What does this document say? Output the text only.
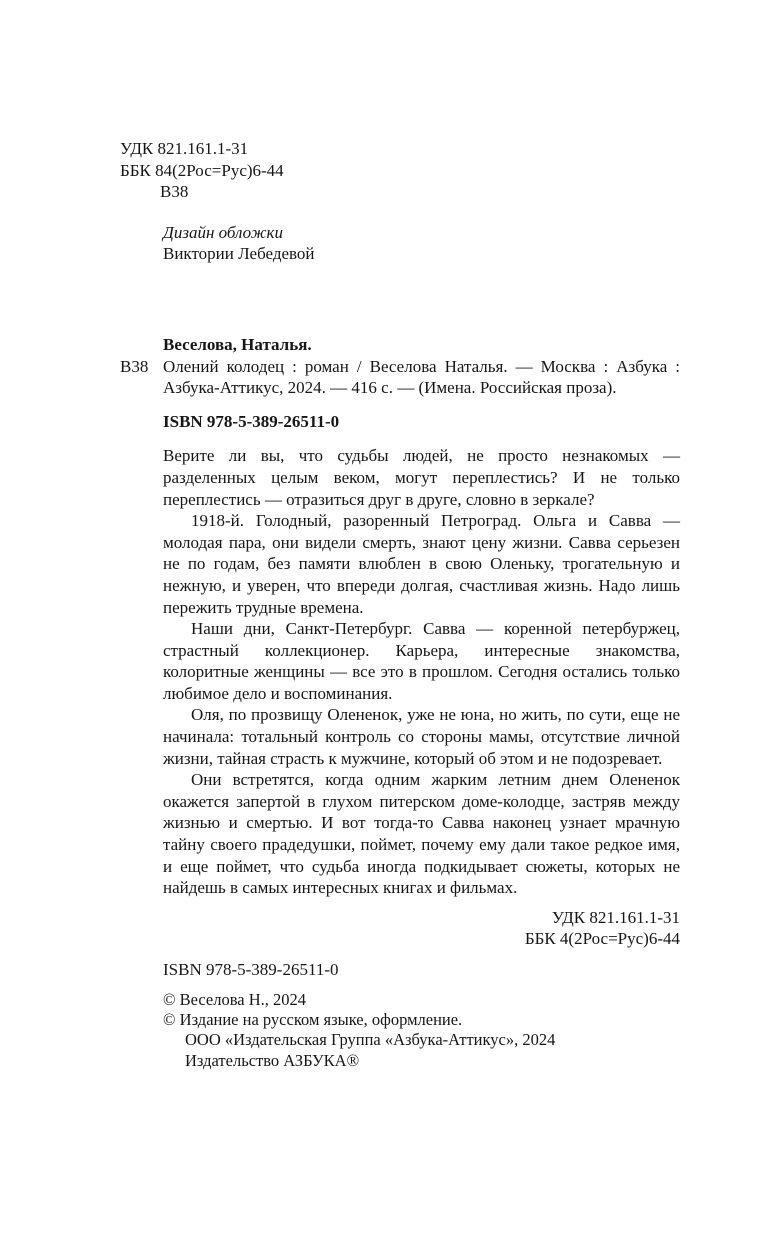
УДК 821.161.1-31
ББК 84(2Рос=Рус)6-44
В38
Дизайн обложки
Виктории Лебедевой
Веселова, Наталья.
В38 Олений колодец : роман / Веселова Наталья. — Москва : Азбука : Азбука-Аттикус, 2024. — 416 с. — (Имена. Российская проза).
ISBN 978-5-389-26511-0

Верите ли вы, что судьбы людей, не просто незнакомых — разделенных целым веком, могут переплестись? И не только переплестись — отразиться друг в друге, словно в зеркале?

1918-й. Голодный, разоренный Петроград. Ольга и Савва — молодая пара, они видели смерть, знают цену жизни. Савва серьезен не по годам, без памяти влюблен в свою Оленьку, трогательную и нежную, и уверен, что впереди долгая, счастливая жизнь. Надо лишь пережить трудные времена.

Наши дни, Санкт-Петербург. Савва — коренной петербуржец, страстный коллекционер. Карьера, интересные знакомства, колоритные женщины — все это в прошлом. Сегодня остались только любимое дело и воспоминания.

Оля, по прозвищу Олененок, уже не юна, но жить, по сути, еще не начинала: тотальный контроль со стороны мамы, отсутствие личной жизни, тайная страсть к мужчине, который об этом и не подозревает.

Они встретятся, когда одним жарким летним днем Олененок окажется запертой в глухом питерском доме-колодце, застряв между жизнью и смертью. И вот тогда-то Савва наконец узнает мрачную тайну своего прадедушки, поймет, почему ему дали такое редкое имя, и еще поймет, что судьба иногда подкидывает сюжеты, которых не найдешь в самых интересных книгах и фильмах.

УДК 821.161.1-31
ББК 4(2Рос=Рус)6-44
ISBN 978-5-389-26511-0
© Веселова Н., 2024
© Издание на русском языке, оформление.
ООО «Издательская Группа «Азбука-Аттикус», 2024
Издательство АЗБУКА®
